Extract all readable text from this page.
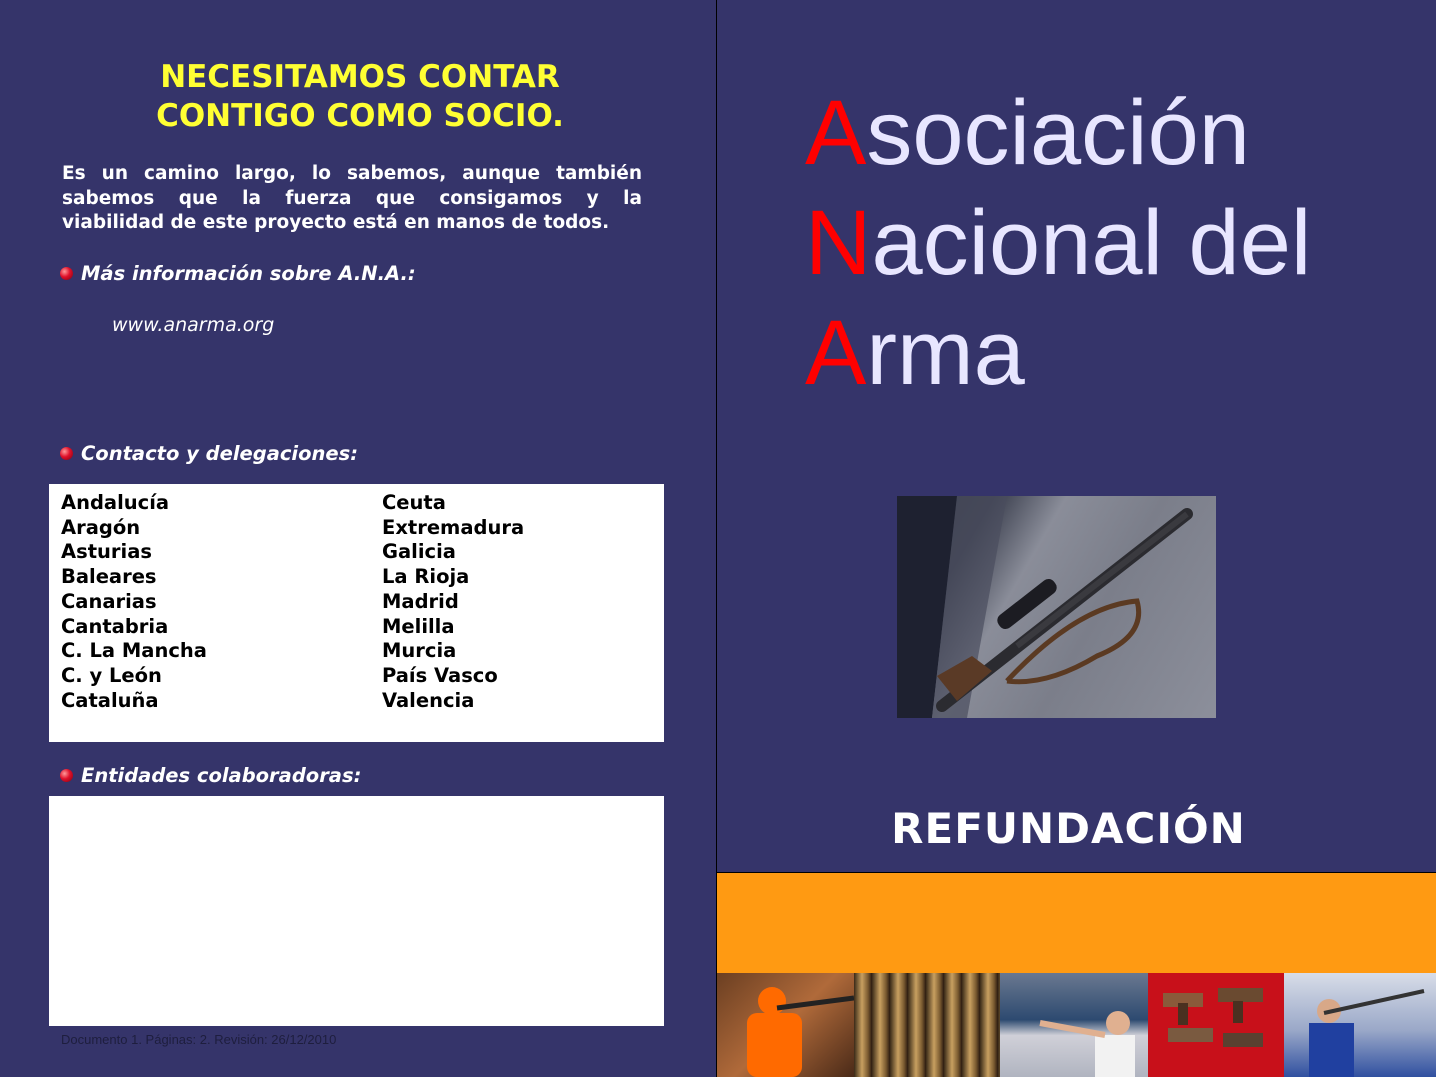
NECESITAMOS CONTAR
CONTIGO COMO SOCIO.
Es un camino largo, lo sabemos, aunque también sabemos que la fuerza que consigamos y la
viabilidad de este proyecto está en manos de todos.
Más información sobre A.N.A.:
www.anarma.org
Contacto y delegaciones:
Andalucía
Aragón
Asturias
Baleares
Canarias
Cantabria
C. La Mancha
C. y León
Cataluña
Ceuta
Extremadura
Galicia
La Rioja
Madrid
Melilla
Murcia
País Vasco
Valencia
Entidades colaboradoras:
Documento 1. Páginas: 2. Revisión: 26/12/2010
Asociación
Nacional del
Arma
REFUNDACIÓN
